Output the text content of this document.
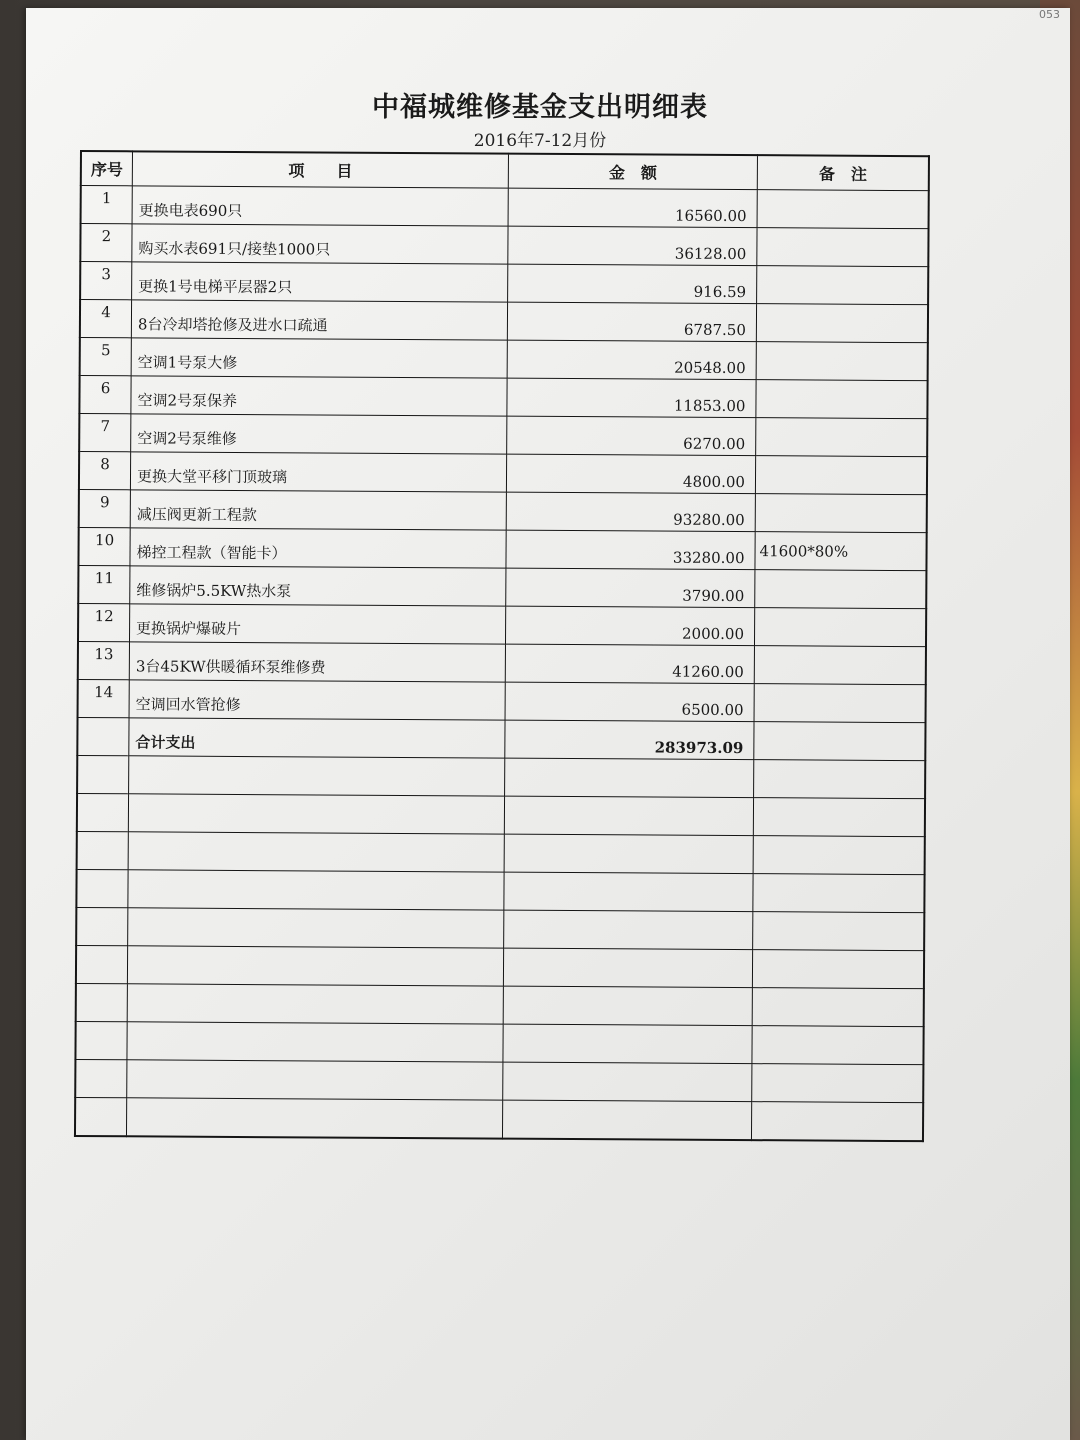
053
中福城维修基金支出明细表
2016年7-12月份
序号	项　　目	金　额	备　注
1	更换电表690只	16560.00	
2	购买水表691只/接垫1000只	36128.00	
3	更换1号电梯平层器2只	916.59	
4	8台冷却塔抢修及进水口疏通	6787.50	
5	空调1号泵大修	20548.00	
6	空调2号泵保养	11853.00	
7	空调2号泵维修	6270.00	
8	更换大堂平移门顶玻璃	4800.00	
9	减压阀更新工程款	93280.00	
10	梯控工程款（智能卡）	33280.00	41600*80%
11	维修锅炉5.5KW热水泵	3790.00	
12	更换锅炉爆破片	2000.00	
13	3台45KW供暖循环泵维修费	41260.00	
14	空调回水管抢修	6500.00	
	合计支出	283973.09	
